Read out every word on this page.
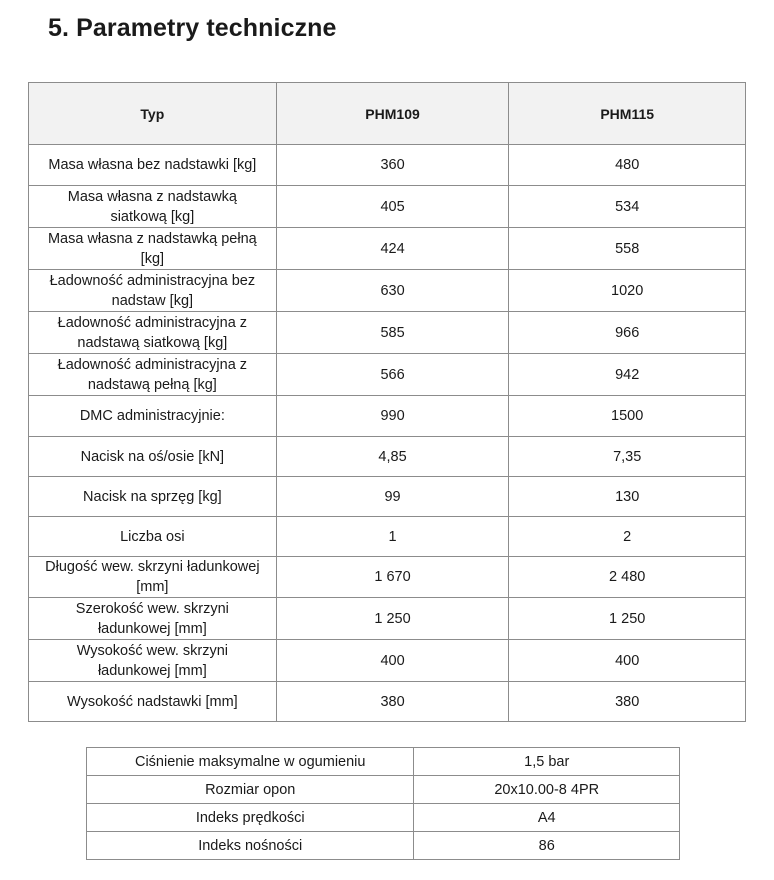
5. Parametry techniczne
Typ	PHM109	PHM115
Masa własna bez nadstawki [kg]	360	480
Masa własna z nadstawką siatkową [kg]	405	534
Masa własna z nadstawką pełną [kg]	424	558
Ładowność administracyjna bez nadstaw [kg]	630	1020
Ładowność administracyjna z nadstawą siatkową [kg]	585	966
Ładowność administracyjna z nadstawą pełną [kg]	566	942
DMC administracyjnie:	990	1500
Nacisk na oś/osie [kN]	4,85	7,35
Nacisk na sprzęg [kg]	99	130
Liczba osi	1	2
Długość wew. skrzyni ładunkowej [mm]	1 670	2 480
Szerokość wew. skrzyni ładunkowej [mm]	1 250	1 250
Wysokość wew. skrzyni ładunkowej [mm]	400	400
Wysokość nadstawki [mm]	380	380
Ciśnienie maksymalne w ogumieniu	1,5 bar
Rozmiar opon	20x10.00-8 4PR
Indeks prędkości	A4
Indeks nośności	86
